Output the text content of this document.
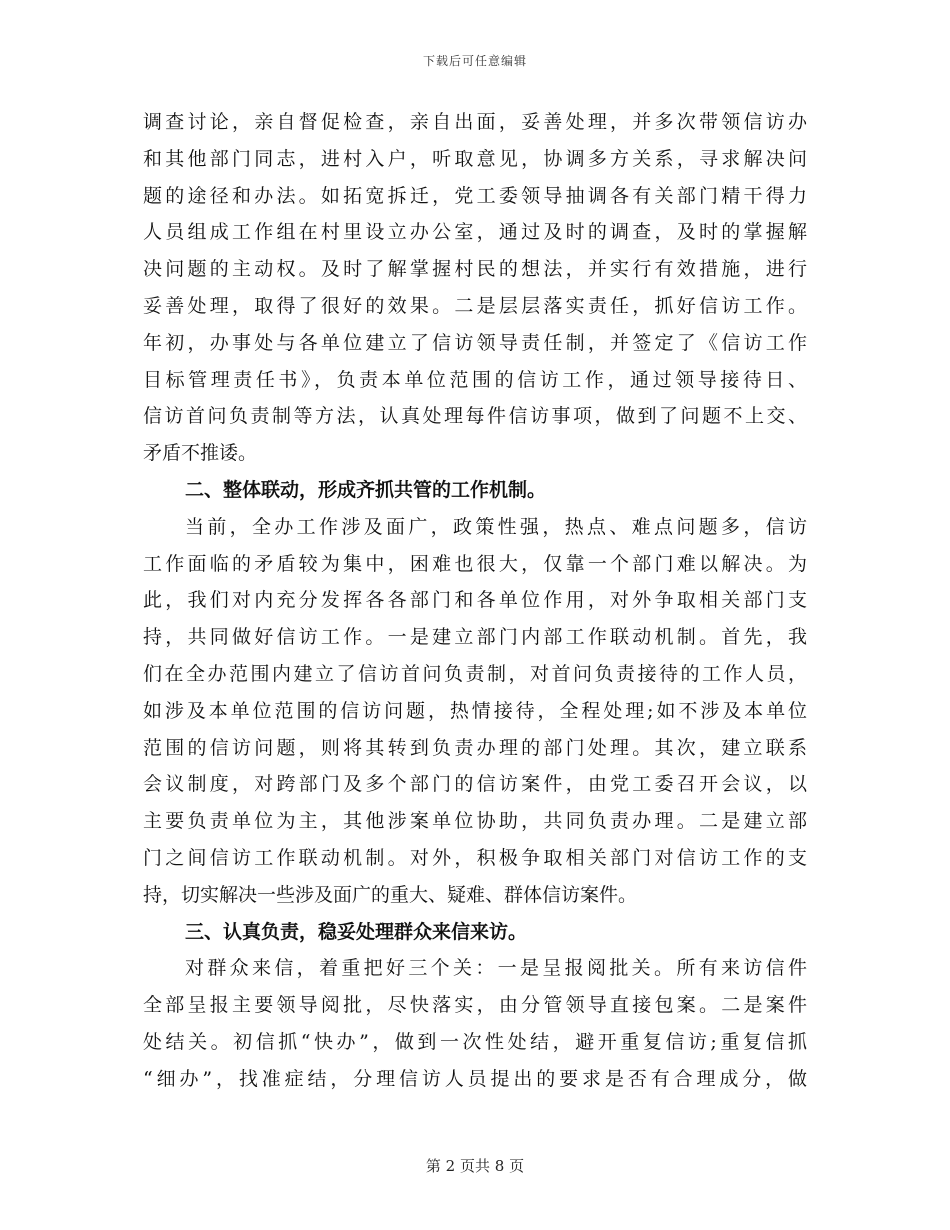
下载后可任意编辑
调查讨论，亲自督促检查，亲自出面，妥善处理，并多次带领信访办
和其他部门同志，进村入户，听取意见，协调多方关系，寻求解决问
题的途径和办法。如拓宽拆迁，党工委领导抽调各有关部门精干得力
人员组成工作组在村里设立办公室，通过及时的调查，及时的掌握解
决问题的主动权。及时了解掌握村民的想法，并实行有效措施，进行
妥善处理，取得了很好的效果。二是层层落实责任，抓好信访工作。
年初，办事处与各单位建立了信访领导责任制，并签定了《信访工作
目标管理责任书》，负责本单位范围的信访工作，通过领导接待日、
信访首问负责制等方法，认真处理每件信访事项，做到了问题不上交、
矛盾不推诿。
二、整体联动，形成齐抓共管的工作机制。
当前，全办工作涉及面广，政策性强，热点、难点问题多，信访
工作面临的矛盾较为集中，困难也很大，仅靠一个部门难以解决。为
此，我们对内充分发挥各各部门和各单位作用，对外争取相关部门支
持，共同做好信访工作。一是建立部门内部工作联动机制。首先，我
们在全办范围内建立了信访首问负责制，对首问负责接待的工作人员，
如涉及本单位范围的信访问题，热情接待，全程处理;如不涉及本单位
范围的信访问题，则将其转到负责办理的部门处理。其次，建立联系
会议制度，对跨部门及多个部门的信访案件，由党工委召开会议，以
主要负责单位为主，其他涉案单位协助，共同负责办理。二是建立部
门之间信访工作联动机制。对外，积极争取相关部门对信访工作的支
持，切实解决一些涉及面广的重大、疑难、群体信访案件。
三、认真负责，稳妥处理群众来信来访。
对群众来信，着重把好三个关：一是呈报阅批关。所有来访信件
全部呈报主要领导阅批，尽快落实，由分管领导直接包案。二是案件
处结关。初信抓“快办”，做到一次性处结，避开重复信访;重复信抓
“细办”，找准症结，分理信访人员提出的要求是否有合理成分，做
第 2 页共 8 页
